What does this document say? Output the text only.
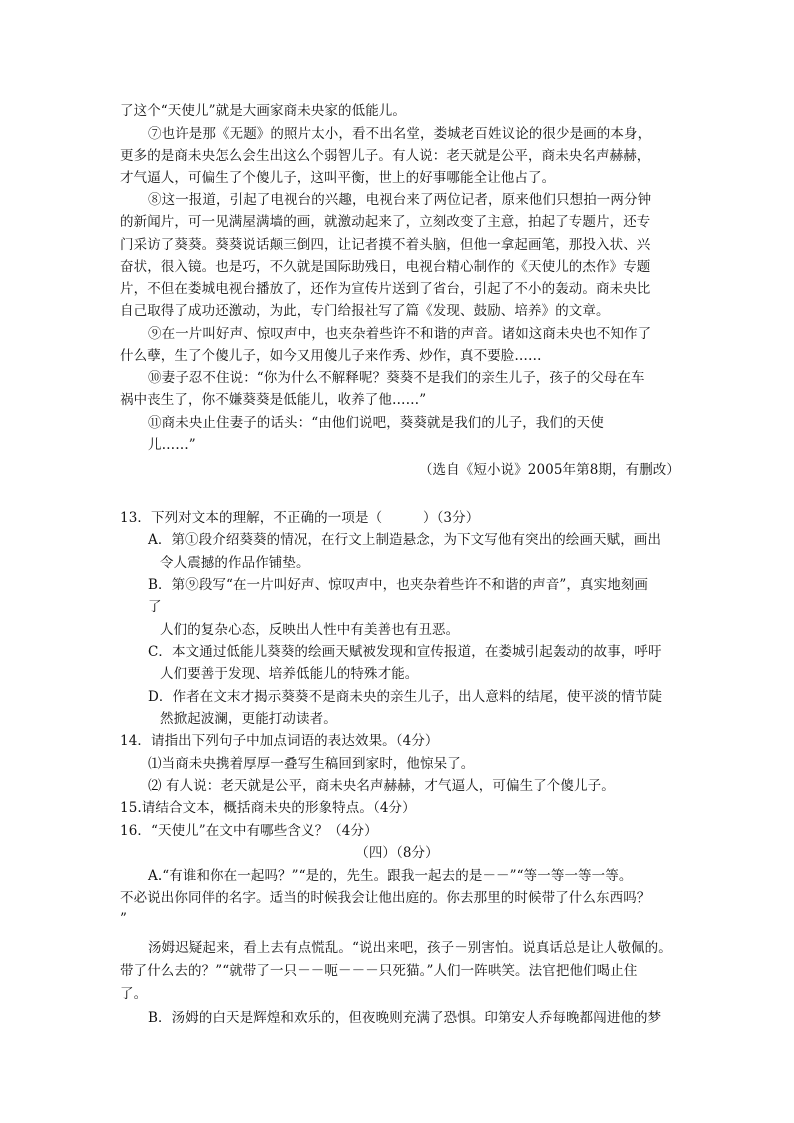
了这个“天使儿”就是大画家商未央家的低能儿。
⑦也许是那《无题》的照片太小，看不出名堂，娄城老百姓议论的很少是画的本身，
更多的是商未央怎么会生出这么个弱智儿子。有人说：老天就是公平，商未央名声赫赫，
才气逼人，可偏生了个傻儿子，这叫平衡，世上的好事哪能全让他占了。
⑧这一报道，引起了电视台的兴趣，电视台来了两位记者，原来他们只想拍一两分钟
的新闻片，可一见满屋满墙的画，就激动起来了，立刻改变了主意，拍起了专题片，还专
门采访了葵葵。葵葵说话颠三倒四，让记者摸不着头脑，但他一拿起画笔，那投入状、兴
奋状，很入镜。也是巧，不久就是国际助残日，电视台精心制作的《天使儿的杰作》专题
片，不但在娄城电视台播放了，还作为宣传片送到了省台，引起了不小的轰动。商未央比
自己取得了成功还激动，为此，专门给报社写了篇《发现、鼓励、培养》的文章。
⑨在一片叫好声、惊叹声中，也夹杂着些许不和谐的声音。诸如这商未央也不知作了
什么孽，生了个傻儿子，如今又用傻儿子来作秀、炒作，真不要脸……
⑩妻子忍不住说：“你为什么不解释呢？葵葵不是我们的亲生儿子，孩子的父母在车
祸中丧生了，你不嫌葵葵是低能儿，收养了他……”
⑪商未央止住妻子的话头：“由他们说吧，葵葵就是我们的儿子，我们的天使
儿……”
（选自《短小说》2005年第8期，有删改）
13．下列对文本的理解，不正确的一项是（　　　）（3分）
A．第①段介绍葵葵的情况，在行文上制造悬念，为下文写他有突出的绘画天赋，画出
令人震撼的作品作铺垫。
B．第⑨段写“在一片叫好声、惊叹声中，也夹杂着些许不和谐的声音”，真实地刻画
了
人们的复杂心态，反映出人性中有美善也有丑恶。
C．本文通过低能儿葵葵的绘画天赋被发现和宣传报道，在娄城引起轰动的故事，呼吁
人们要善于发现、培养低能儿的特殊才能。
D．作者在文末才揭示葵葵不是商未央的亲生儿子，出人意料的结尾，使平淡的情节陡
然掀起波澜，更能打动读者。
14．请指出下列句子中加点词语的表达效果。（4分）
⑴当商未央携着厚厚一叠写生稿回到家时，他惊呆了。
⑵ 有人说：老天就是公平，商未央名声赫赫，才气逼人，可偏生了个傻儿子。
15.请结合文本，概括商未央的形象特点。（4分）
16．“天使儿”在文中有哪些含义？（4分）
（四）（8分）
A.“有谁和你在一起吗？”“是的，先生。跟我一起去的是－－”“等一等一等一等。
不必说出你同伴的名字。适当的时候我会让他出庭的。你去那里的时候带了什么东西吗？
”
汤姆迟疑起来，看上去有点慌乱。“说出来吧，孩子－别害怕。说真话总是让人敬佩的。
带了什么去的？”“就带了一只－－呃－－－只死猫。”人们一阵哄笑。法官把他们喝止住
了。
B．汤姆的白天是辉煌和欢乐的，但夜晚则充满了恐惧。印第安人乔每晚都闯进他的梦
